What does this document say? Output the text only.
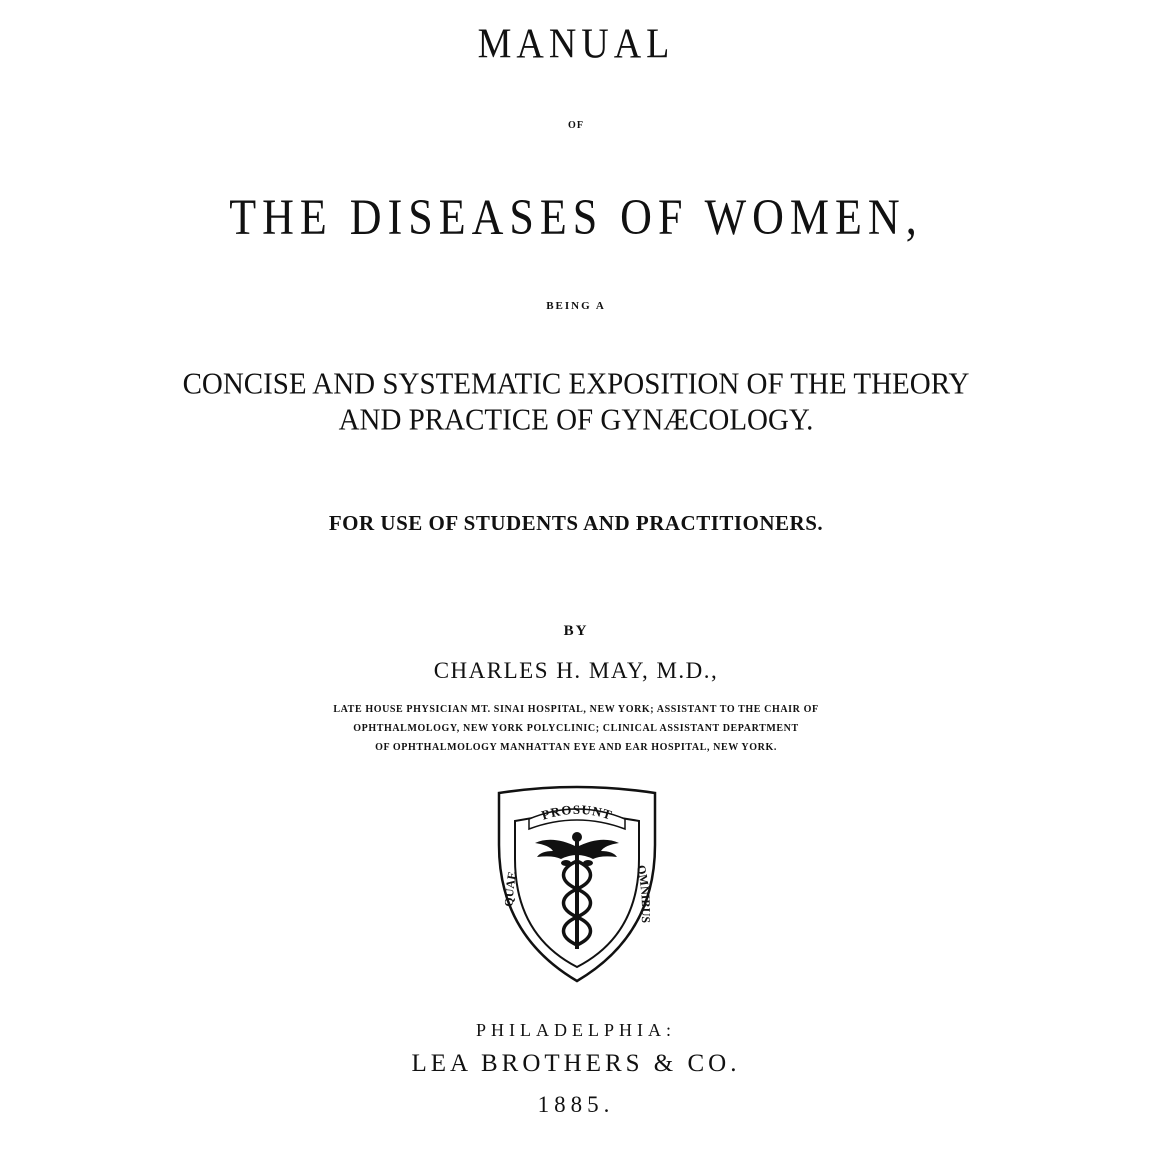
MANUAL
OF
THE DISEASES OF WOMEN,
BEING A
CONCISE AND SYSTEMATIC EXPOSITION OF THE THEORY
AND PRACTICE OF GYNÆCOLOGY.
FOR USE OF STUDENTS AND PRACTITIONERS.
BY
CHARLES H. MAY, M.D.,
LATE HOUSE PHYSICIAN MT. SINAI HOSPITAL, NEW YORK; ASSISTANT TO THE CHAIR OF
OPHTHALMOLOGY, NEW YORK POLYCLINIC; CLINICAL ASSISTANT DEPARTMENT
OF OPHTHALMOLOGY MANHATTAN EYE AND EAR HOSPITAL, NEW YORK.
PROSUNT
QUAE	OMNIBUS
PHILADELPHIA:
LEA BROTHERS & CO.
1885.
